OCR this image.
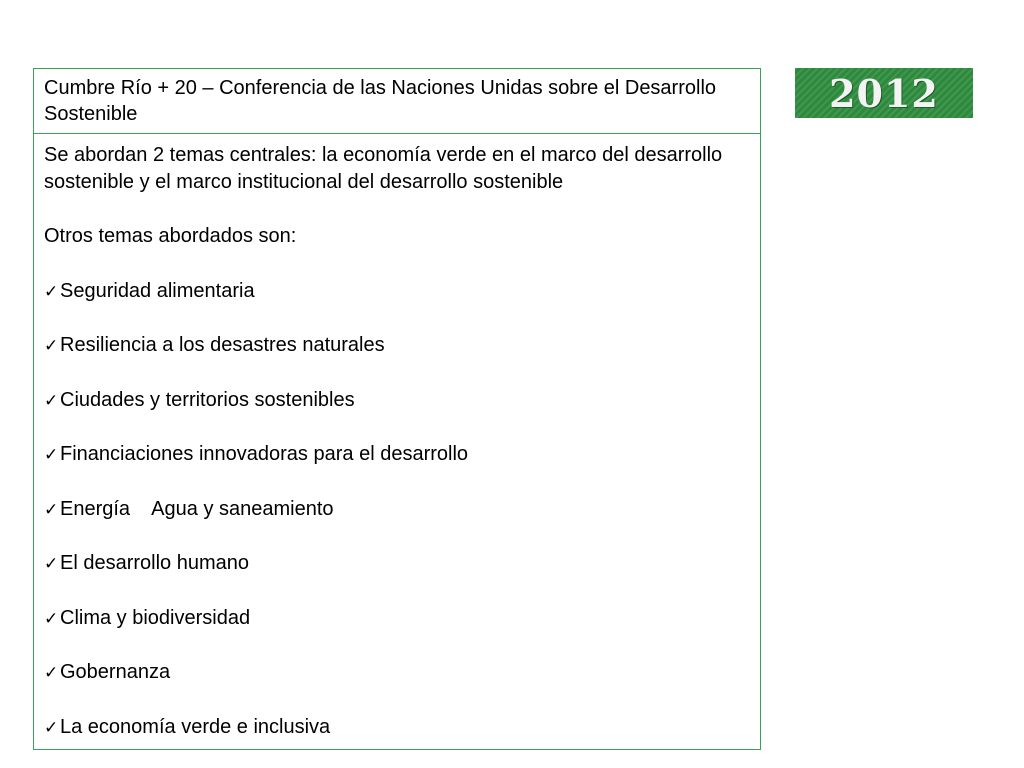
Cumbre Río + 20 – Conferencia de las Naciones Unidas sobre el Desarrollo Sostenible

Se abordan 2 temas centrales: la economía verde en el marco del desarrollo sostenible y el marco institucional del desarrollo sostenible

Otros temas abordados son:

✓Seguridad alimentaria
✓Resiliencia a los desastres naturales
✓Ciudades y territorios sostenibles
✓Financiaciones innovadoras para el desarrollo
✓Energía    Agua y saneamiento
✓El desarrollo humano
✓Clima y biodiversidad
✓Gobernanza
✓La economía verde e inclusiva
2012
